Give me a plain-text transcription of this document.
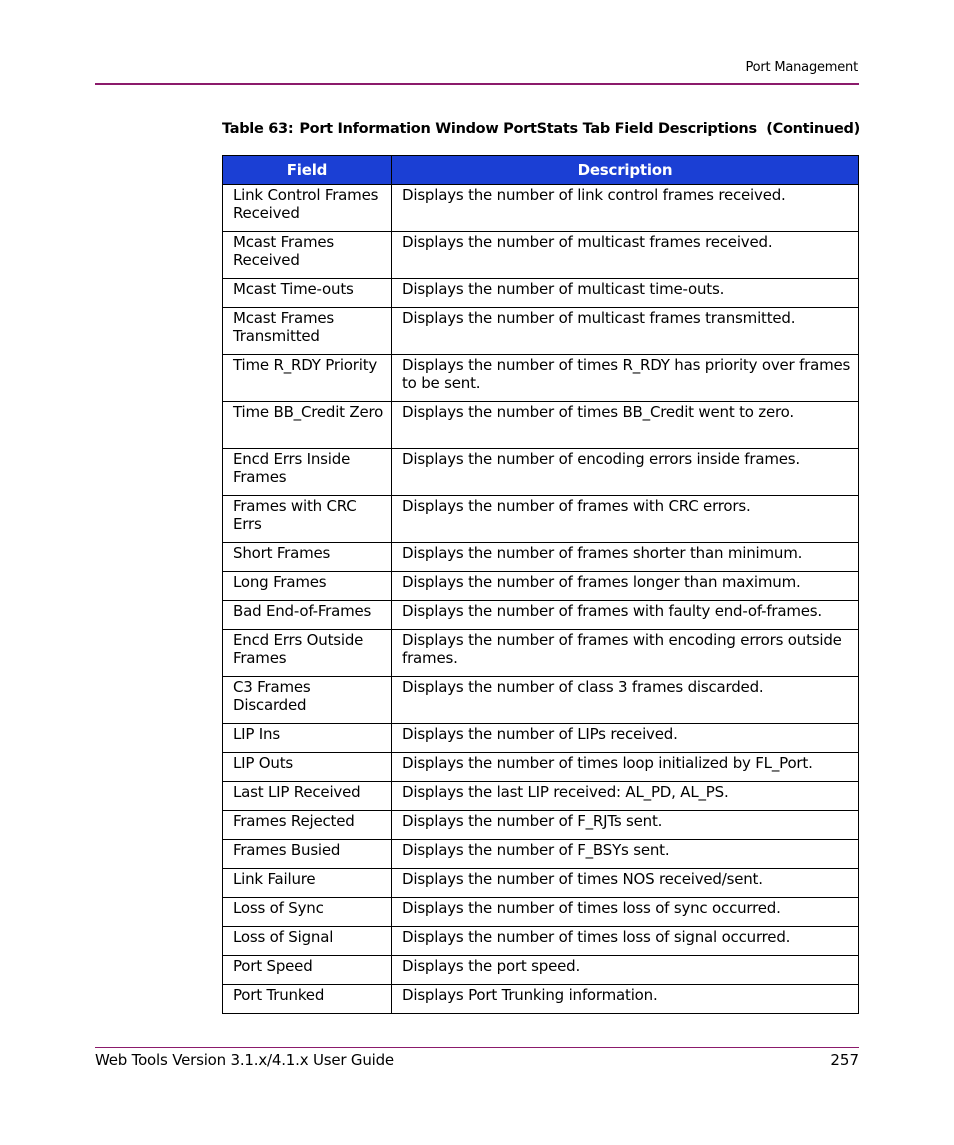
Port Management
Table 63: Port Information Window PortStats Tab Field Descriptions  (Continued)
Field	Description
Link Control Frames Received	Displays the number of link control frames received.
Mcast Frames Received	Displays the number of multicast frames received.
Mcast Time-outs	Displays the number of multicast time-outs.
Mcast Frames Transmitted	Displays the number of multicast frames transmitted.
Time R_RDY Priority	Displays the number of times R_RDY has priority over frames to be sent.
Time BB_Credit Zero	Displays the number of times BB_Credit went to zero.
Encd Errs Inside Frames	Displays the number of encoding errors inside frames.
Frames with CRC Errs	Displays the number of frames with CRC errors.
Short Frames	Displays the number of frames shorter than minimum.
Long Frames	Displays the number of frames longer than maximum.
Bad End-of-Frames	Displays the number of frames with faulty end-of-frames.
Encd Errs Outside Frames	Displays the number of frames with encoding errors outside frames.
C3 Frames Discarded	Displays the number of class 3 frames discarded.
LIP Ins	Displays the number of LIPs received.
LIP Outs	Displays the number of times loop initialized by FL_Port.
Last LIP Received	Displays the last LIP received: AL_PD, AL_PS.
Frames Rejected	Displays the number of F_RJTs sent.
Frames Busied	Displays the number of F_BSYs sent.
Link Failure	Displays the number of times NOS received/sent.
Loss of Sync	Displays the number of times loss of sync occurred.
Loss of Signal	Displays the number of times loss of signal occurred.
Port Speed	Displays the port speed.
Port Trunked	Displays Port Trunking information.
Web Tools Version 3.1.x/4.1.x User Guide	257
